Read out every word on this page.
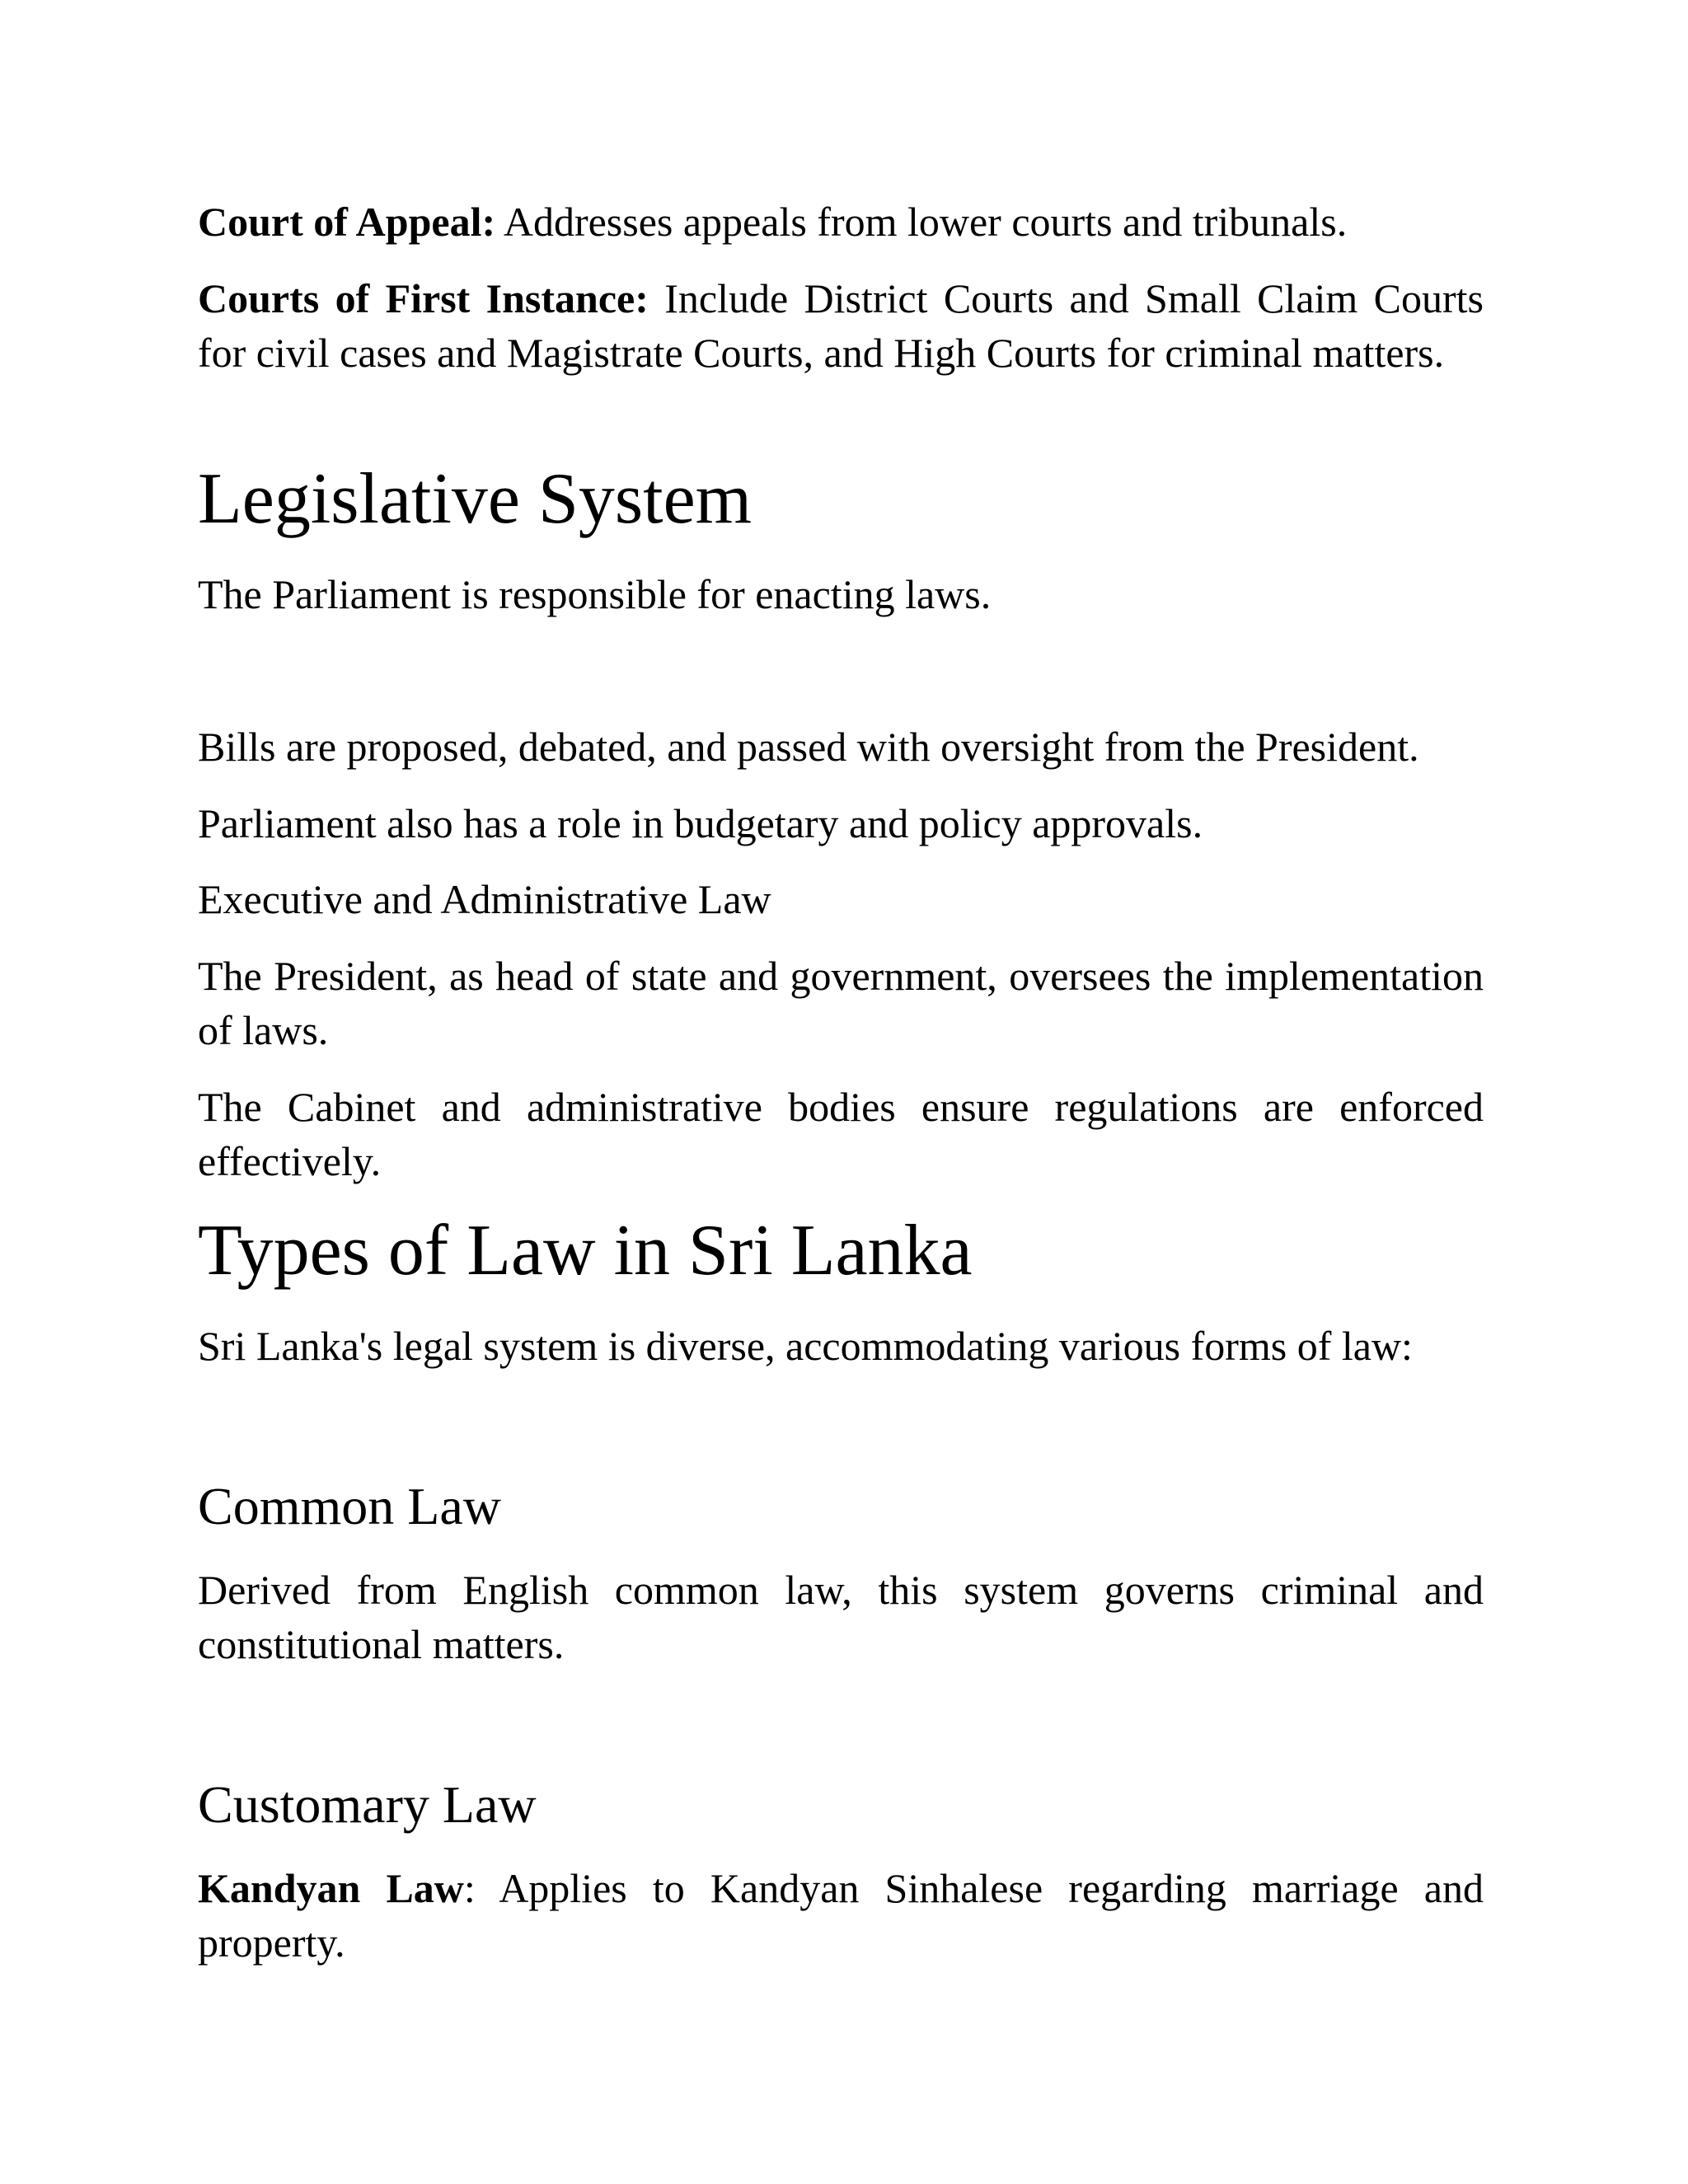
Court of Appeal: Addresses appeals from lower courts and tribunals.

Courts of First Instance: Include District Courts and Small Claim Courts for civil cases and Magistrate Courts, and High Courts for criminal matters.

Legislative System

The Parliament is responsible for enacting laws.

Bills are proposed, debated, and passed with oversight from the President.

Parliament also has a role in budgetary and policy approvals.

Executive and Administrative Law

The President, as head of state and government, oversees the implementation of laws.

The Cabinet and administrative bodies ensure regulations are enforced effectively.

Types of Law in Sri Lanka

Sri Lanka's legal system is diverse, accommodating various forms of law:

Common Law

Derived from English common law, this system governs criminal and constitutional matters.

Customary Law

Kandyan Law: Applies to Kandyan Sinhalese regarding marriage and property.
